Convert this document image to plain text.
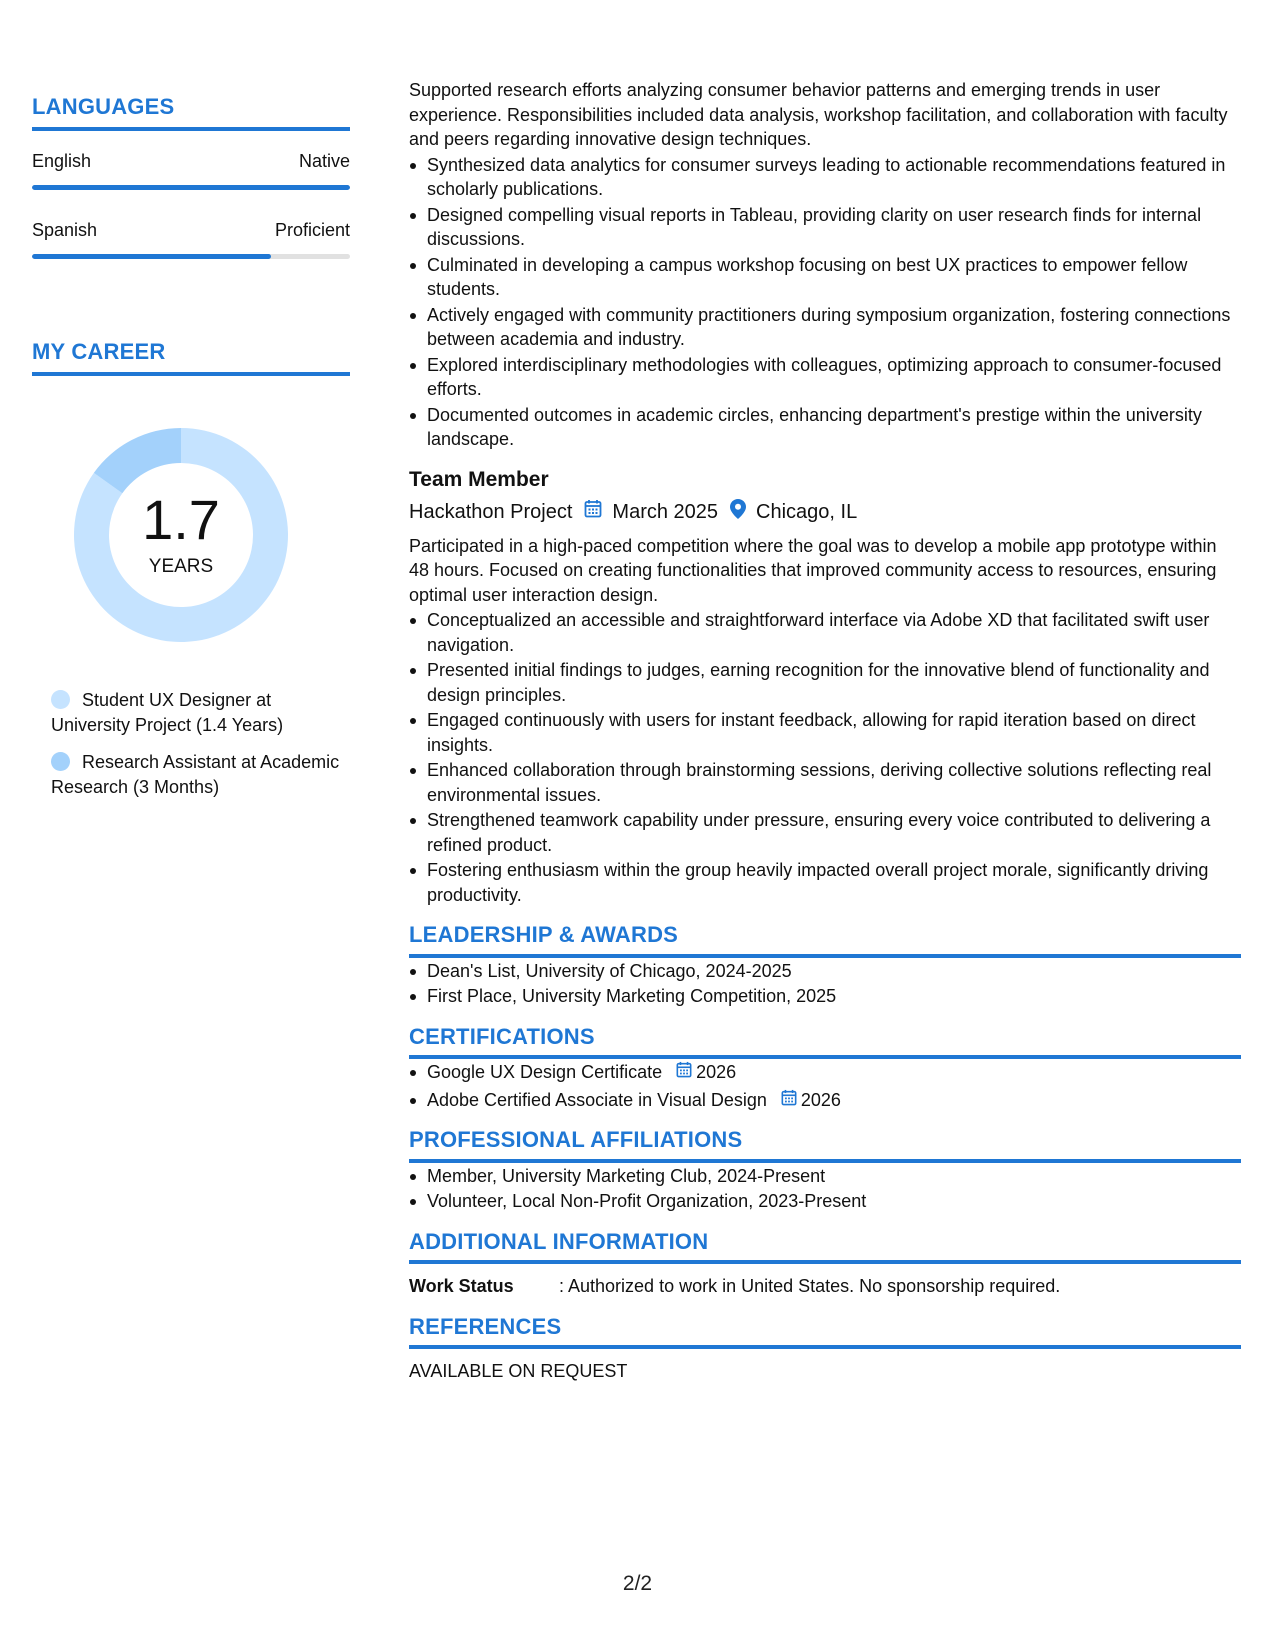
LANGUAGES
English	Native
Spanish	Proficient
MY CAREER
1.7
YEARS
Student UX Designer at University Project (1.4 Years)
Research Assistant at Academic Research (3 Months)

Supported research efforts analyzing consumer behavior patterns and emerging trends in user experience. Responsibilities included data analysis, workshop facilitation, and collaboration with faculty and peers regarding innovative design techniques.

Synthesized data analytics for consumer surveys leading to actionable recommendations featured in scholarly publications.
Designed compelling visual reports in Tableau, providing clarity on user research finds for internal discussions.
Culminated in developing a campus workshop focusing on best UX practices to empower fellow students.
Actively engaged with community practitioners during symposium organization, fostering connections between academia and industry.
Explored interdisciplinary methodologies with colleagues, optimizing approach to consumer-focused efforts.
Documented outcomes in academic circles, enhancing department's prestige within the university landscape.
Team Member
Hackathon Project March 2025 Chicago, IL

Participated in a high-paced competition where the goal was to develop a mobile app prototype within 48 hours. Focused on creating functionalities that improved community access to resources, ensuring optimal user interaction design.

Conceptualized an accessible and straightforward interface via Adobe XD that facilitated swift user navigation.
Presented initial findings to judges, earning recognition for the innovative blend of functionality and design principles.
Engaged continuously with users for instant feedback, allowing for rapid iteration based on direct insights.
Enhanced collaboration through brainstorming sessions, deriving collective solutions reflecting real environmental issues.
Strengthened teamwork capability under pressure, ensuring every voice contributed to delivering a refined product.
Fostering enthusiasm within the group heavily impacted overall project morale, significantly driving productivity.
LEADERSHIP & AWARDS
Dean's List, University of Chicago, 2024-2025
First Place, University Marketing Competition, 2025
CERTIFICATIONS
Google UX Design Certificate 2026
Adobe Certified Associate in Visual Design 2026
PROFESSIONAL AFFILIATIONS
Member, University Marketing Club, 2024-Present
Volunteer, Local Non-Profit Organization, 2023-Present
ADDITIONAL INFORMATION
Work Status	: Authorized to work in United States. No sponsorship required.
REFERENCES
AVAILABLE ON REQUEST
2/2
